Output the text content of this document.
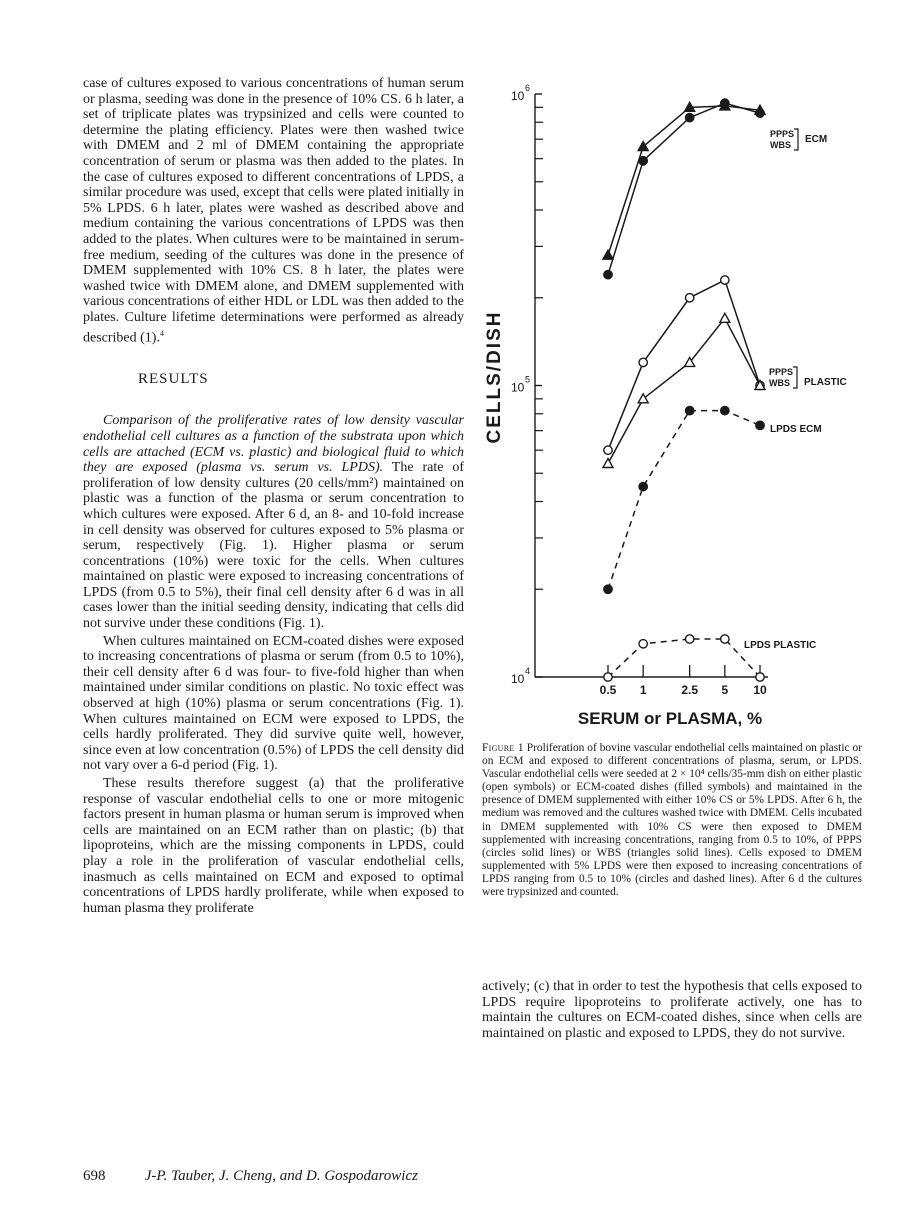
case of cultures exposed to various concentrations of human serum or plasma, seeding was done in the presence of 10% CS. 6 h later, a set of triplicate plates was trypsinized and cells were counted to determine the plating efficiency. Plates were then washed twice with DMEM and 2 ml of DMEM containing the appropriate concentration of serum or plasma was then added to the plates. In the case of cultures exposed to different concentrations of LPDS, a similar procedure was used, except that cells were plated initially in 5% LPDS. 6 h later, plates were washed as described above and medium containing the various concentrations of LPDS was then added to the plates. When cultures were to be maintained in serum-free medium, seeding of the cultures was done in the presence of DMEM supplemented with 10% CS. 8 h later, the plates were washed twice with DMEM alone, and DMEM supplemented with various concentrations of either HDL or LDL was then added to the plates. Culture lifetime determinations were performed as already described (1).$^4$

RESULTS

Comparison of the proliferative rates of low density vascular endothelial cell cultures as a function of the substrata upon which cells are attached (ECM vs. plastic) and biological fluid to which they are exposed (plasma vs. serum vs. LPDS). The rate of proliferation of low density cultures (20 cells/mm²) maintained on plastic was a function of the plasma or serum concentration to which cultures were exposed. After 6 d, an 8- and 10-fold increase in cell density was observed for cultures exposed to 5% plasma or serum, respectively (Fig. 1). Higher plasma or serum concentrations (10%) were toxic for the cells. When cultures maintained on plastic were exposed to increasing concentrations of LPDS (from 0.5 to 5%), their final cell density after 6 d was in all cases lower than the initial seeding density, indicating that cells did not survive under these conditions (Fig. 1).

When cultures maintained on ECM-coated dishes were exposed to increasing concentrations of plasma or serum (from 0.5 to 10%), their cell density after 6 d was four- to five-fold higher than when maintained under similar conditions on plastic. No toxic effect was observed at high (10%) plasma or serum concentrations (Fig. 1). When cultures maintained on ECM were exposed to LPDS, the cells hardly proliferated. They did survive quite well, however, since even at low concentration (0.5%) of LPDS the cell density did not vary over a 6-d period (Fig. 1).

These results therefore suggest (a) that the proliferative response of vascular endothelial cells to one or more mitogenic factors present in human plasma or human serum is improved when cells are maintained on an ECM rather than on plastic; (b) that lipoproteins, which are the missing components in LPDS, could play a role in the proliferation of vascular endothelial cells, inasmuch as cells maintained on ECM and exposed to optimal concentrations of LPDS hardly proliferate, while when exposed to human plasma they proliferate

10
4
10
5
10
6
0.5 1	2.5 5 10
CELLS/DISH
SERUM or PLASMA, %
PPPS
WBS ECM
PPPS
WBS PLASTIC
LPDS ECM
LPDS PLASTIC
Figure 1 Proliferation of bovine vascular endothelial cells maintained on plastic or on ECM and exposed to different concentrations of plasma, serum, or LPDS. Vascular endothelial cells were seeded at 2 × 10⁴ cells/35-mm dish on either plastic (open symbols) or ECM-coated dishes (filled symbols) and maintained in the presence of DMEM supplemented with either 10% CS or 5% LPDS. After 6 h, the medium was removed and the cultures washed twice with DMEM. Cells incubated in DMEM supplemented with 10% CS were then exposed to DMEM supplemented with increasing concentrations, ranging from 0.5 to 10%, of PPPS (circles solid lines) or WBS (triangles solid lines). Cells exposed to DMEM supplemented with 5% LPDS were then exposed to increasing concentrations of LPDS ranging from 0.5 to 10% (circles and dashed lines). After 6 d the cultures were trypsinized and counted.
actively; (c) that in order to test the hypothesis that cells exposed to LPDS require lipoproteins to proliferate actively, one has to maintain the cultures on ECM-coated dishes, since when cells are maintained on plastic and exposed to LPDS, they do not survive.
698	J-P. Tauber, J. Cheng, and D. Gospodarowicz
